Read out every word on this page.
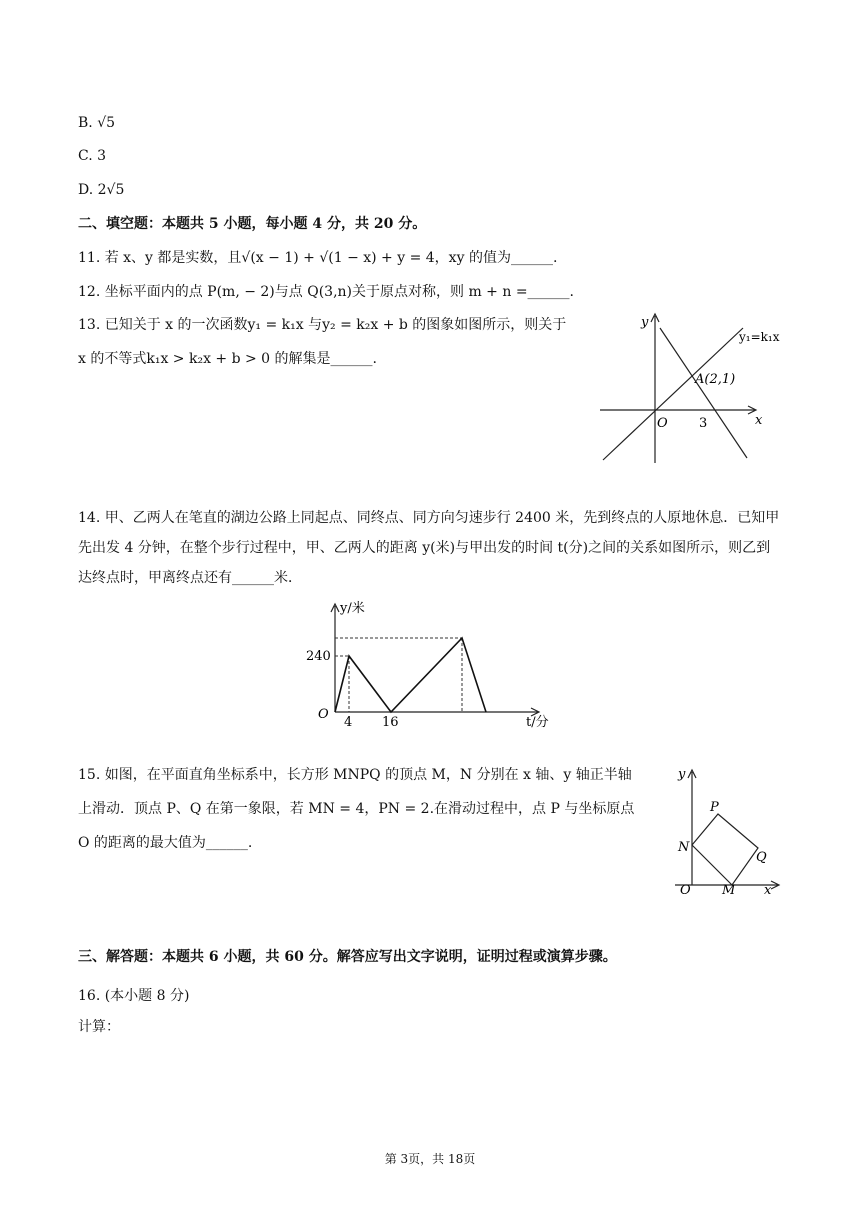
B. √5
C. 3
D. 2√5
二、填空题：本题共 5 小题，每小题 4 分，共 20 分。
11. 若 x、y 都是实数，且√(x − 1) + √(1 − x) + y = 4，xy 的值为______.
12. 坐标平面内的点 P(m, − 2)与点 Q(3,n)关于原点对称，则 m + n =______.
13. 已知关于 x 的一次函数y₁ = k₁x 与y₂ = k₂x + b 的图象如图所示，则关于
x 的不等式k₁x > k₂x + b > 0 的解集是______.
y
x
O 3
A(2,1)
y₁=k₁x
14. 甲、乙两人在笔直的湖边公路上同起点、同终点、同方向匀速步行 2400 米，先到终点的人原地休息．已知甲先出发 4 分钟，在整个步行过程中，甲、乙两人的距离 y(米)与甲出发的时间 t(分)之间的关系如图所示，则乙到达终点时，甲离终点还有______米．
y/米
t/分
O
240
4 16
15. 如图，在平面直角坐标系中，长方形 MNPQ 的顶点 M，N 分别在 x 轴、y 轴正半轴
上滑动．顶点 P、Q 在第一象限，若 MN = 4，PN = 2.在滑动过程中，点 P 与坐标原点
O 的距离的最大值为______.
y
x
O
P
Q
N
M
三、解答题：本题共 6 小题，共 60 分。解答应写出文字说明，证明过程或演算步骤。
16. (本小题 8 分)
计算：
第 3页，共 18页
